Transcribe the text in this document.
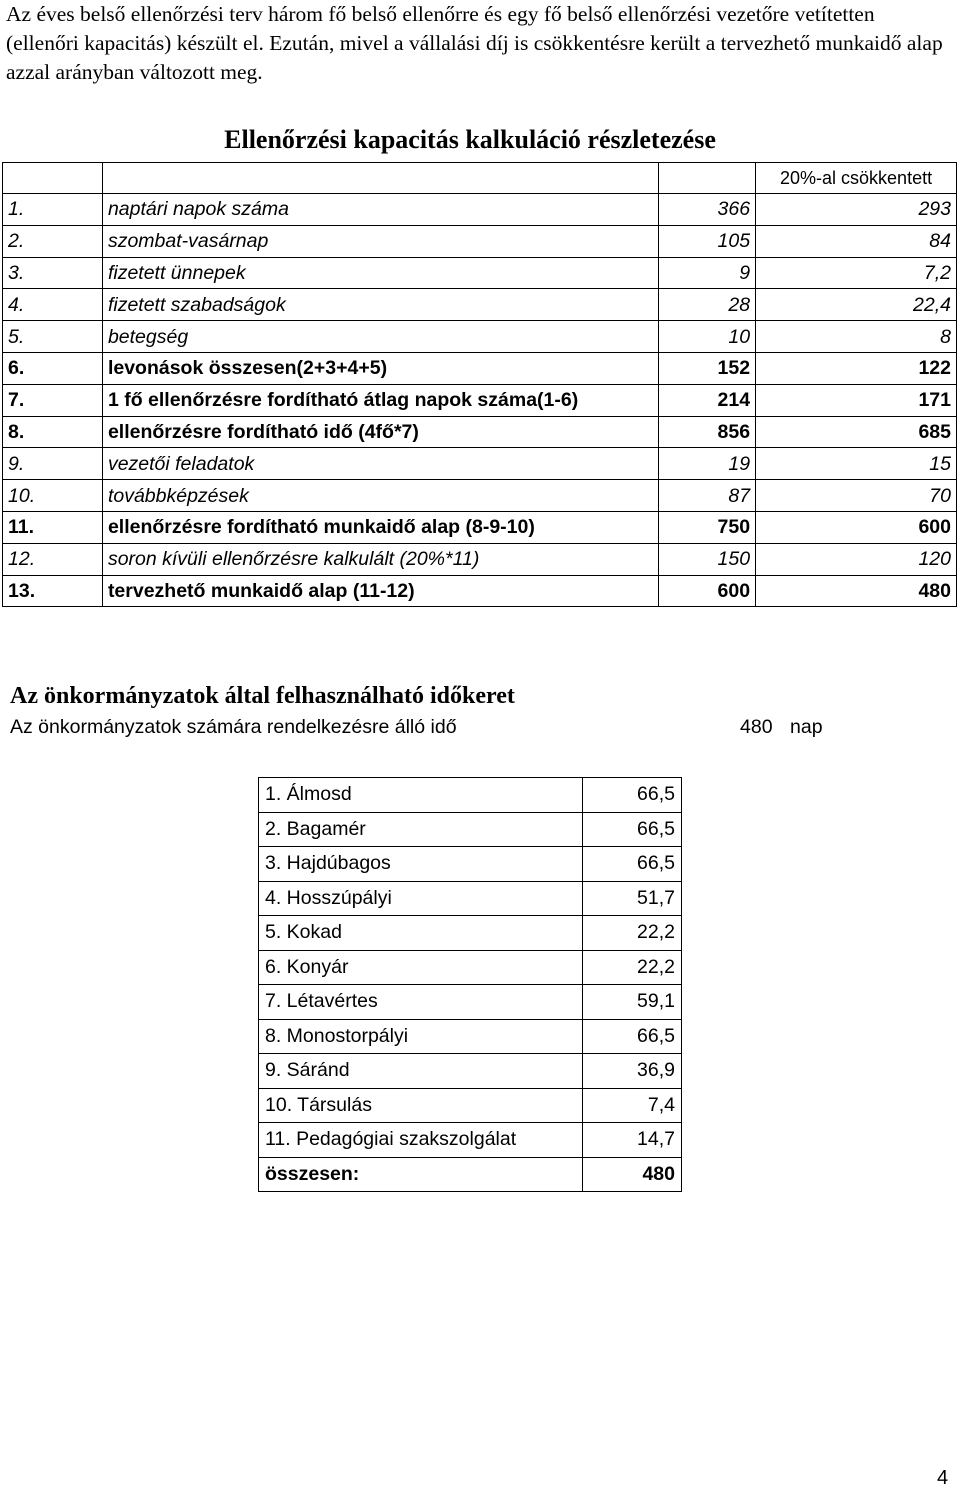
Az éves belső ellenőrzési terv három fő belső ellenőrre és egy fő belső ellenőrzési vezetőre vetítetten (ellenőri kapacitás) készült el. Ezután, mivel a vállalási díj is csökkentésre került a tervezhető munkaidő alap azzal arányban változott meg.
Ellenőrzési kapacitás kalkuláció részletezése
			20%-al csökkentett
1.	naptári napok száma	366	293
2.	szombat-vasárnap	105	84
3.	fizetett ünnepek	9	7,2
4.	fizetett szabadságok	28	22,4
5.	betegség	10	8
6.	levonások összesen(2+3+4+5)	152	122
7.	1 fő ellenőrzésre fordítható átlag napok száma(1-6)	214	171
8.	ellenőrzésre fordítható idő (4fő*7)	856	685
9.	vezetői feladatok	19	15
10.	továbbképzések	87	70
11.	ellenőrzésre fordítható munkaidő alap (8-9-10)	750	600
12.	soron kívüli ellenőrzésre kalkulált (20%*11)	150	120
13.	tervezhető munkaidő alap (11-12)	600	480
Az önkormányzatok által felhasználható időkeret
Az önkormányzatok számára rendelkezésre álló idő	480 nap
1. Álmosd	66,5
2. Bagamér	66,5
3. Hajdúbagos	66,5
4. Hosszúpályi	51,7
5. Kokad	22,2
6. Konyár	22,2
7. Létavértes	59,1
8. Monostorpályi	66,5
9. Sáránd	36,9
10. Társulás	7,4
11. Pedagógiai szakszolgálat	14,7
összesen:	480
4
